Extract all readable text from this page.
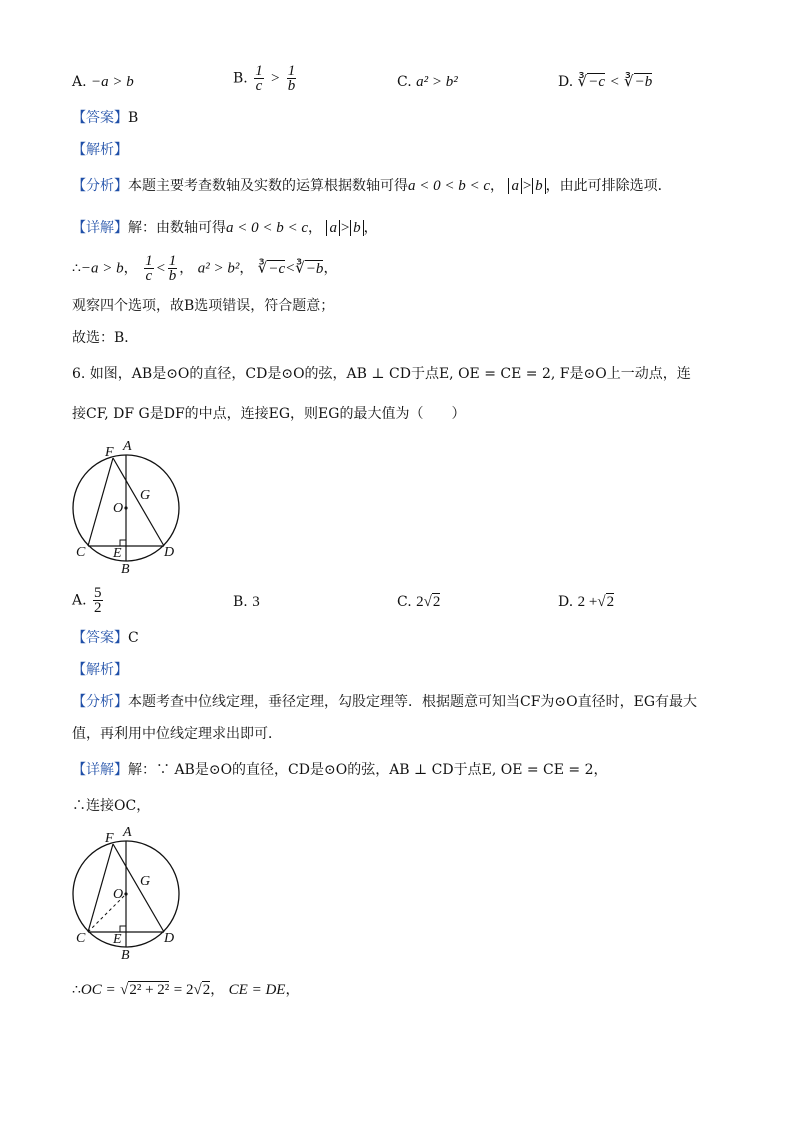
A. −a > b	B. $\frac{1}{c} > \frac{1}{b}$	C. a² > b²	D. ∛−c < ∛−b
【答案】B
【解析】
【分析】本题主要考查数轴及实数的运算根据数轴可得a < 0 < b < c， a > b ，由此可排除选项．
【详解】解：由数轴可得a < 0 < b < c， a > b ，
∴−a > b， $\frac{1}{c} < \frac{1}{b}$ ， a² > b²， ∛−c<∛−b，
观察四个选项，故B选项错误，符合题意；
故选：B．
6. 如图，AB是⊙O的直径，CD是⊙O的弦，AB ⊥ CD于点E, OE = CE = 2, F是⊙O上一动点，连
接CF, DF G是DF的中点，连接EG，则EG的最大值为（　　）
F A
O
G
C E	D
B
A. $\frac{5}{2}$	B. 3	C. 2√2	D. 2 +√2
【答案】C
【解析】
【分析】本题考查中位线定理，垂径定理，勾股定理等．根据题意可知当CF为⊙O直径时，EG有最大
值，再利用中位线定理求出即可．
【详解】解：∵ AB是⊙O的直径，CD是⊙O的弦，AB ⊥ CD于点E, OE = CE = 2，
∴连接OC，
F A
O
G
C E	D
B
∴OC = √2² + 2² = 2√2， CE = DE，
